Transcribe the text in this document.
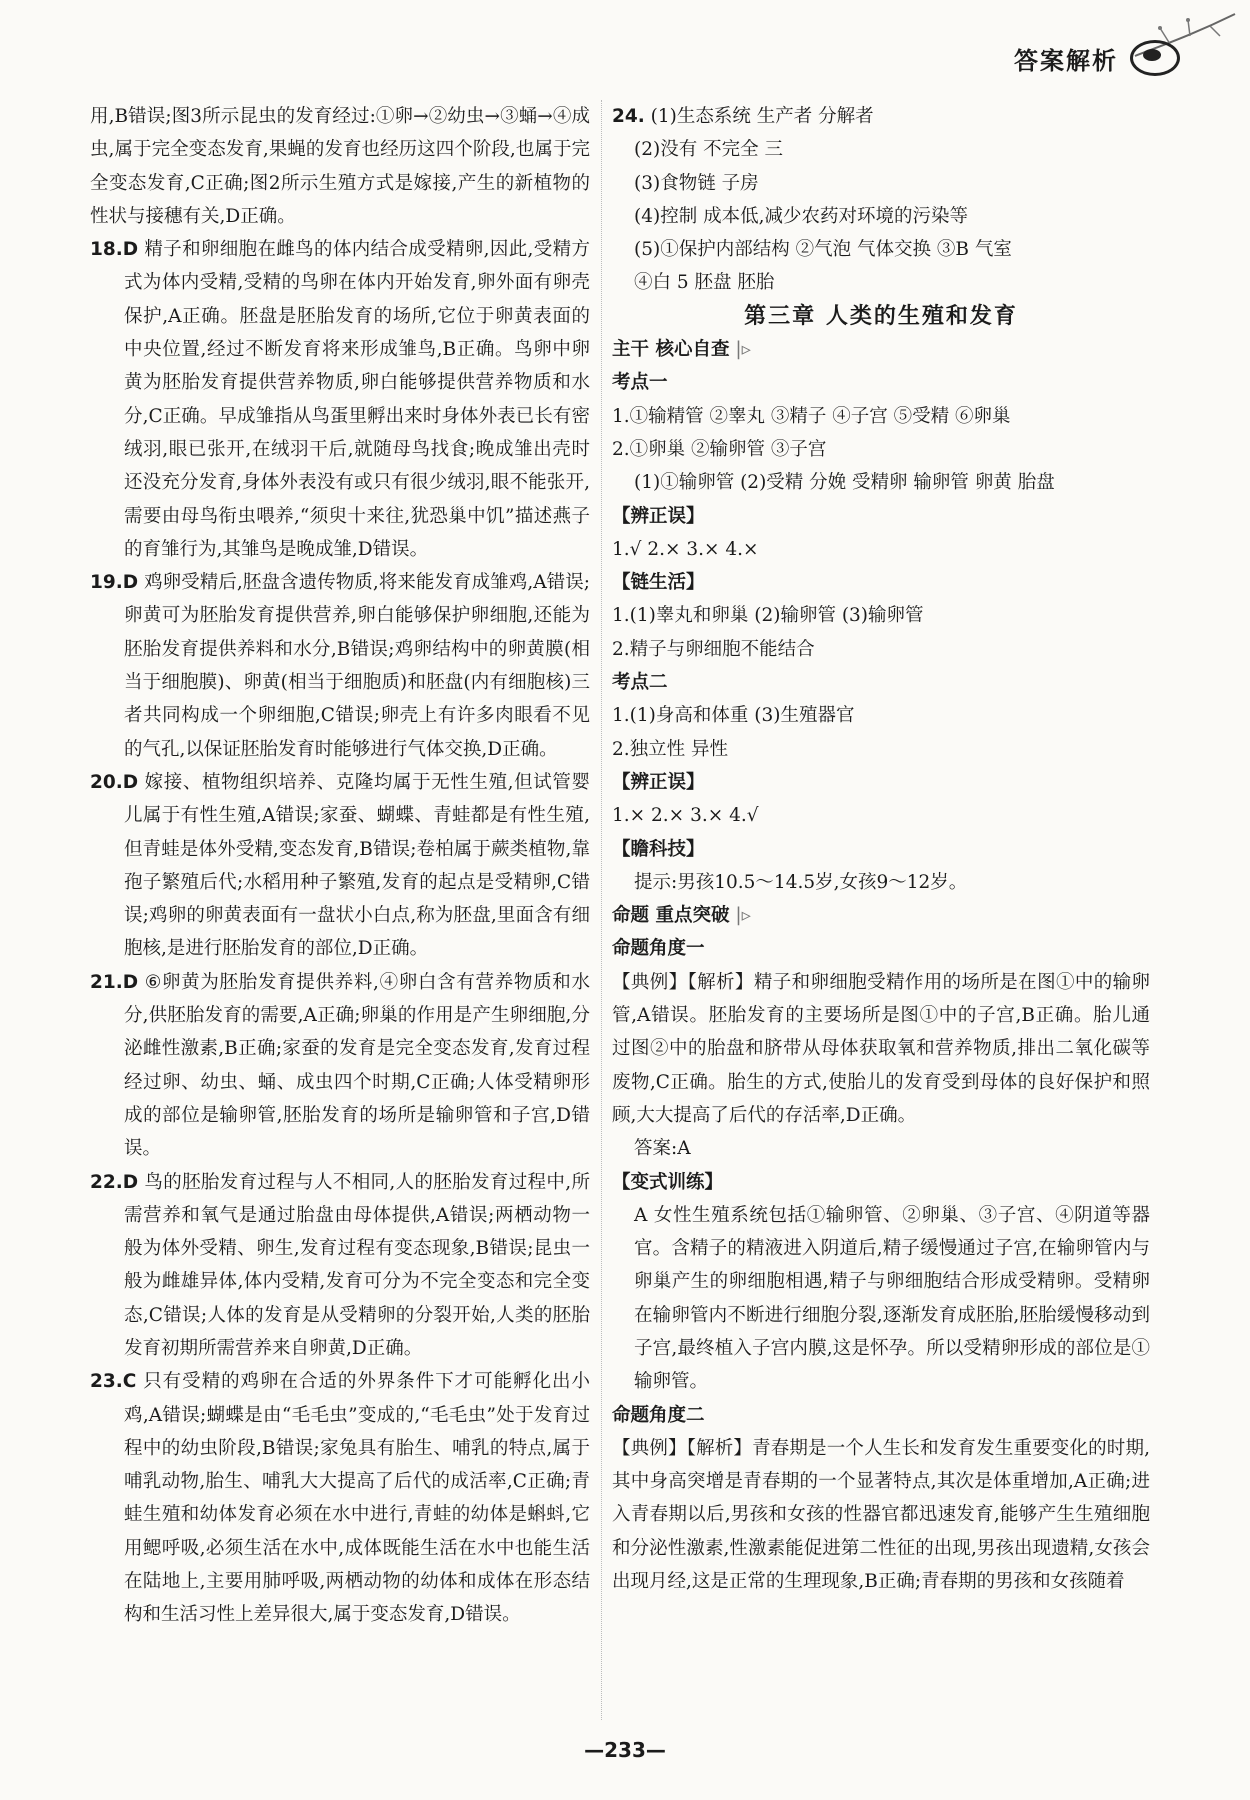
答案解析
用,B错误;图3所示昆虫的发育经过:①卵→②幼虫→③蛹→④成虫,属于完全变态发育,果蝇的发育也经历这四个阶段,也属于完全变态发育,C正确;图2所示生殖方式是嫁接,产生的新植物的性状与接穗有关,D正确。
18.D 精子和卵细胞在雌鸟的体内结合成受精卵,因此,受精方式为体内受精,受精的鸟卵在体内开始发育,卵外面有卵壳保护,A正确。胚盘是胚胎发育的场所,它位于卵黄表面的中央位置,经过不断发育将来形成雏鸟,B正确。鸟卵中卵黄为胚胎发育提供营养物质,卵白能够提供营养物质和水分,C正确。早成雏指从鸟蛋里孵出来时身体外表已长有密绒羽,眼已张开,在绒羽干后,就随母鸟找食;晚成雏出壳时还没充分发育,身体外表没有或只有很少绒羽,眼不能张开,需要由母鸟衔虫喂养,“须臾十来往,犹恐巢中饥”描述燕子的育雏行为,其雏鸟是晚成雏,D错误。
19.D 鸡卵受精后,胚盘含遗传物质,将来能发育成雏鸡,A错误;卵黄可为胚胎发育提供营养,卵白能够保护卵细胞,还能为胚胎发育提供养料和水分,B错误;鸡卵结构中的卵黄膜(相当于细胞膜)、卵黄(相当于细胞质)和胚盘(内有细胞核)三者共同构成一个卵细胞,C错误;卵壳上有许多肉眼看不见的气孔,以保证胚胎发育时能够进行气体交换,D正确。
20.D 嫁接、植物组织培养、克隆均属于无性生殖,但试管婴儿属于有性生殖,A错误;家蚕、蝴蝶、青蛙都是有性生殖,但青蛙是体外受精,变态发育,B错误;卷柏属于蕨类植物,靠孢子繁殖后代;水稻用种子繁殖,发育的起点是受精卵,C错误;鸡卵的卵黄表面有一盘状小白点,称为胚盘,里面含有细胞核,是进行胚胎发育的部位,D正确。
21.D ⑥卵黄为胚胎发育提供养料,④卵白含有营养物质和水分,供胚胎发育的需要,A正确;卵巢的作用是产生卵细胞,分泌雌性激素,B正确;家蚕的发育是完全变态发育,发育过程经过卵、幼虫、蛹、成虫四个时期,C正确;人体受精卵形成的部位是输卵管,胚胎发育的场所是输卵管和子宫,D错误。
22.D 鸟的胚胎发育过程与人不相同,人的胚胎发育过程中,所需营养和氧气是通过胎盘由母体提供,A错误;两栖动物一般为体外受精、卵生,发育过程有变态现象,B错误;昆虫一般为雌雄异体,体内受精,发育可分为不完全变态和完全变态,C错误;人体的发育是从受精卵的分裂开始,人类的胚胎发育初期所需营养来自卵黄,D正确。
23.C 只有受精的鸡卵在合适的外界条件下才可能孵化出小鸡,A错误;蝴蝶是由“毛毛虫”变成的,“毛毛虫”处于发育过程中的幼虫阶段,B错误;家兔具有胎生、哺乳的特点,属于哺乳动物,胎生、哺乳大大提高了后代的成活率,C正确;青蛙生殖和幼体发育必须在水中进行,青蛙的幼体是蝌蚪,它用鳃呼吸,必须生活在水中,成体既能生活在水中也能生活在陆地上,主要用肺呼吸,两栖动物的幼体和成体在形态结构和生活习性上差异很大,属于变态发育,D错误。
24. (1)生态系统 生产者 分解者
(2)没有 不完全 三
(3)食物链 子房
(4)控制 成本低,减少农药对环境的污染等
(5)①保护内部结构 ②气泡 气体交换 ③B 气室
④白 5 胚盘 胚胎
第三章 人类的生殖和发育
主干 核心自查 |▹
考点一
1.①输精管 ②睾丸 ③精子 ④子宫 ⑤受精 ⑥卵巢
2.①卵巢 ②输卵管 ③子宫
(1)①输卵管 (2)受精 分娩 受精卵 输卵管 卵黄 胎盘
【辨正误】
1.√ 2.× 3.× 4.×
【链生活】
1.(1)睾丸和卵巢 (2)输卵管 (3)输卵管
2.精子与卵细胞不能结合
考点二
1.(1)身高和体重 (3)生殖器官
2.独立性 异性
【辨正误】
1.× 2.× 3.× 4.√
【瞻科技】
提示:男孩10.5～14.5岁,女孩9～12岁。
命题 重点突破 |▹
命题角度一
【典例】【解析】精子和卵细胞受精作用的场所是在图①中的输卵管,A错误。胚胎发育的主要场所是图①中的子宫,B正确。胎儿通过图②中的胎盘和脐带从母体获取氧和营养物质,排出二氧化碳等废物,C正确。胎生的方式,使胎儿的发育受到母体的良好保护和照顾,大大提高了后代的存活率,D正确。
答案:A
【变式训练】
A 女性生殖系统包括①输卵管、②卵巢、③子宫、④阴道等器官。含精子的精液进入阴道后,精子缓慢通过子宫,在输卵管内与卵巢产生的卵细胞相遇,精子与卵细胞结合形成受精卵。受精卵在输卵管内不断进行细胞分裂,逐渐发育成胚胎,胚胎缓慢移动到子宫,最终植入子宫内膜,这是怀孕。所以受精卵形成的部位是①输卵管。
命题角度二
【典例】【解析】青春期是一个人生长和发育发生重要变化的时期,其中身高突增是青春期的一个显著特点,其次是体重增加,A正确;进入青春期以后,男孩和女孩的性器官都迅速发育,能够产生生殖细胞和分泌性激素,性激素能促进第二性征的出现,男孩出现遗精,女孩会出现月经,这是正常的生理现象,B正确;青春期的男孩和女孩随着
—233—
